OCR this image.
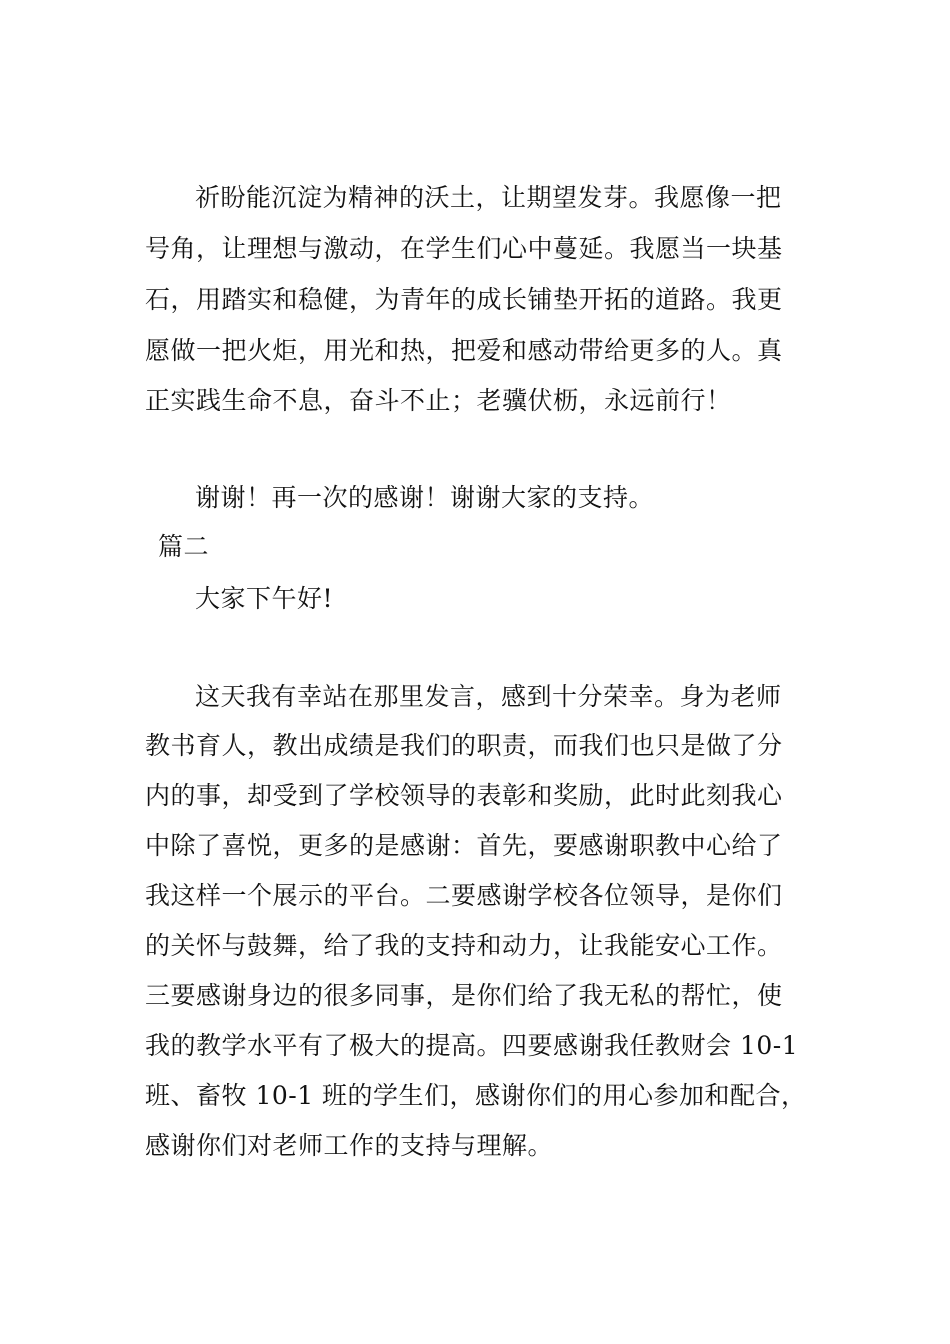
祈盼能沉淀为精神的沃土，让期望发芽。我愿像一把
号角，让理想与激动，在学生们心中蔓延。我愿当一块基
石，用踏实和稳健，为青年的成长铺垫开拓的道路。我更
愿做一把火炬，用光和热，把爱和感动带给更多的人。真
正实践生命不息，奋斗不止；老骥伏枥，永远前行！
谢谢！再一次的感谢！谢谢大家的支持。
篇二
大家下午好!
这天我有幸站在那里发言，感到十分荣幸。身为老师
教书育人，教出成绩是我们的职责，而我们也只是做了分
内的事，却受到了学校领导的表彰和奖励，此时此刻我心
中除了喜悦，更多的是感谢：首先，要感谢职教中心给了
我这样一个展示的平台。二要感谢学校各位领导，是你们
的关怀与鼓舞，给了我的支持和动力，让我能安心工作。
三要感谢身边的很多同事，是你们给了我无私的帮忙，使
我的教学水平有了极大的提高。四要感谢我任教财会 10-1
班、畜牧 10-1 班的学生们，感谢你们的用心参加和配合，
感谢你们对老师工作的支持与理解。
